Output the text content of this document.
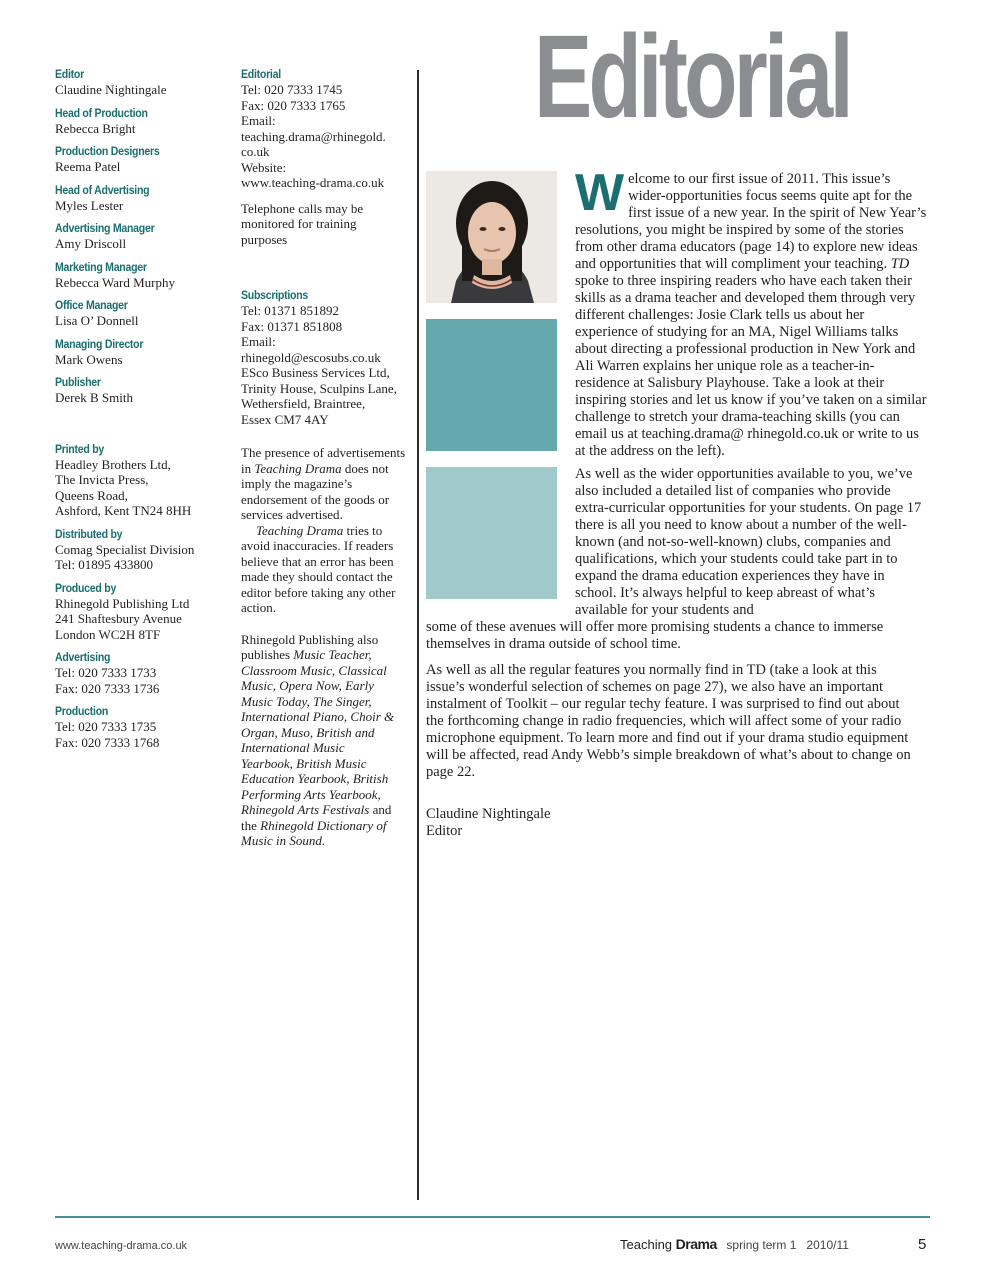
Editor
Claudine Nightingale
Head of Production
Rebecca Bright
Production Designers
Reema Patel
Head of Advertising
Myles Lester
Advertising Manager
Amy Driscoll
Marketing Manager
Rebecca Ward Murphy
Office Manager
Lisa O’ Donnell
Managing Director
Mark Owens
Publisher
Derek B Smith
Printed by
Headley Brothers Ltd,
The Invicta Press,
Queens Road,
Ashford, Kent TN24 8HH
Distributed by
Comag Specialist Division
Tel: 01895 433800
Produced by
Rhinegold Publishing Ltd
241 Shaftesbury Avenue
London WC2H 8TF
Advertising
Tel: 020 7333 1733
Fax: 020 7333 1736
Production
Tel: 020 7333 1735
Fax: 020 7333 1768
Editorial
Tel: 020 7333 1745
Fax: 020 7333 1765
Email:
teaching.drama@rhinegold.
co.uk
Website:
www.teaching-drama.co.uk
Telephone calls may be
monitored for training
purposes
Subscriptions
Tel: 01371 851892
Fax: 01371 851808
Email:
rhinegold@escosubs.co.uk
ESco Business Services Ltd,
Trinity House, Sculpins Lane,
Wethersfield, Braintree,
Essex CM7 4AY
The presence of advertisements in Teaching Drama does not imply the magazine’s endorsement of the goods or services advertised.
Teaching Drama tries to avoid inaccuracies. If readers believe that an error has been made they should contact the editor before taking any other action.
Rhinegold Publishing also publishes Music Teacher, Classroom Music, Classical Music, Opera Now, Early Music Today, The Singer, International Piano, Choir & Organ, Muso, British and International Music Yearbook, British Music Education Yearbook, British Performing Arts Yearbook, Rhinegold Arts Festivals and the Rhinegold Dictionary of Music in Sound.
Editorial
Welcome to our first issue of 2011. This issue’s wider-opportunities focus seems quite apt for the first issue of a new year. In the spirit of New Year’s resolutions, you might be inspired by some of the stories from other drama educators (page 14) to explore new ideas and opportunities that will compliment your teaching. TD spoke to three inspiring readers who have each taken their skills as a drama teacher and developed them through very different challenges: Josie Clark tells us about her experience of studying for an MA, Nigel Williams talks about directing a professional production in New York and Ali Warren explains her unique role as a teacher-in-residence at Salisbury Playhouse. Take a look at their inspiring stories and let us know if you’ve taken on a similar challenge to stretch your drama-teaching skills (you can email us at teaching.drama@ rhinegold.co.uk or write to us at the address on the left).
As well as the wider opportunities available to you, we’ve also included a detailed list of companies who provide extra-curricular opportunities for your students. On page 17 there is all you need to know about a number of the well-known (and not-so-well-known) clubs, companies and qualifications, which your students could take part in to expand the drama education experiences they have in school. It’s always helpful to keep abreast of what’s available for your students and
some of these avenues will offer more promising students a chance to immerse themselves in drama outside of school time.
As well as all the regular features you normally find in TD (take a look at this issue’s wonderful selection of schemes on page 27), we also have an important instalment of Toolkit – our regular techy feature. I was surprised to find out about the forthcoming change in radio frequencies, which will affect some of your radio microphone equipment. To learn more and find out if your drama studio equipment will be affected, read Andy Webb’s simple breakdown of what’s about to change on page 22.
Claudine Nightingale
Editor
www.teaching-drama.co.uk	Teaching Drama spring term 1   2010/11	5
